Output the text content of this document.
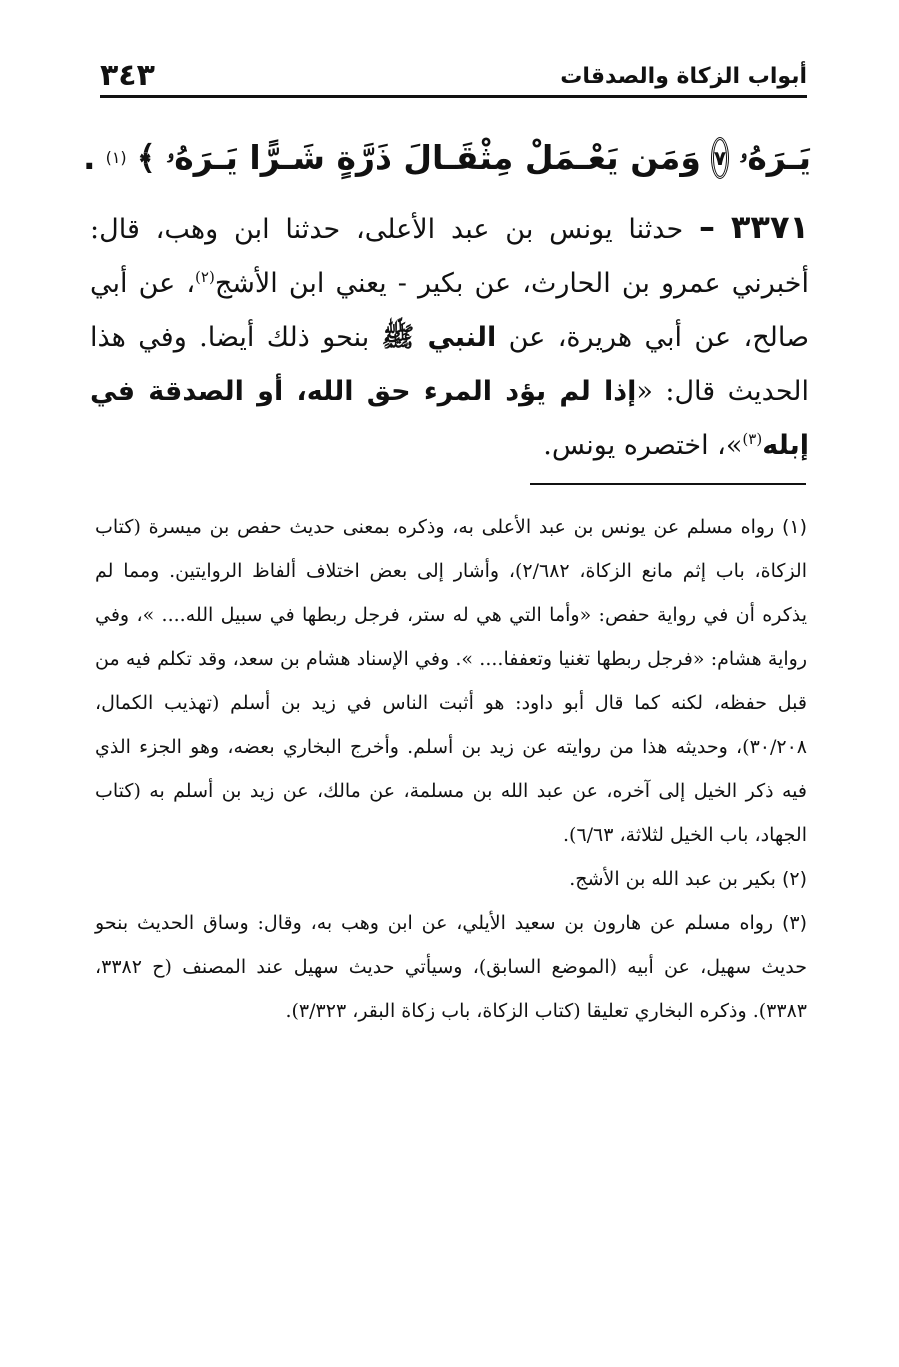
أبواب الزكاة والصدقات
٣٤٣
يَـرَهُۥ
٧
وَمَن يَعْـمَلْ مِثْقَـالَ ذَرَّةٍ شَـرًّا يَـرَهُۥ
﴾
(١)
.
٣٣٧١ – حدثنا يونس بن عبد الأعلى، حدثنا ابن وهب، قال: أخبرني عمرو بن الحارث، عن بكير - يعني ابن الأشج$^{(٢)}$، عن أبي صالح، عن أبي هريرة، عن النبي ﷺ بنحو ذلك أيضا. وفي هذا الحديث قال: «إذا لم يؤد المرء حق الله، أو الصدقة في إبله$^{(٣)}$»، اختصره يونس.

(١) رواه مسلم عن يونس بن عبد الأعلى به، وذكره بمعنى حديث حفص بن ميسرة (كتاب الزكاة، باب إثم مانع الزكاة، ٢/٦٨٢)، وأشار إلى بعض اختلاف ألفاظ الروايتين. ومما لم يذكره أن في رواية حفص: «وأما التي هي له ستر، فرجل ربطها في سبيل الله.... »، وفي رواية هشام: «فرجل ربطها تغنيا وتعففا.... ». وفي الإسناد هشام بن سعد، وقد تكلم فيه من قبل حفظه، لكنه كما قال أبو داود: هو أثبت الناس في زيد بن أسلم (تهذيب الكمال، ٣٠/٢٠٨)، وحديثه هذا من روايته عن زيد بن أسلم. وأخرج البخاري بعضه، وهو الجزء الذي فيه ذكر الخيل إلى آخره، عن عبد الله بن مسلمة، عن مالك، عن زيد بن أسلم به (كتاب الجهاد، باب الخيل لثلاثة، ٦/٦٣).

(٢) بكير بن عبد الله بن الأشج.

(٣) رواه مسلم عن هارون بن سعيد الأيلي، عن ابن وهب به، وقال: وساق الحديث بنحو حديث سهيل، عن أبيه (الموضع السابق)، وسيأتي حديث سهيل عند المصنف (ح ٣٣٨٢، ٣٣٨٣). وذكره البخاري تعليقا (كتاب الزكاة، باب زكاة البقر، ٣/٣٢٣).
